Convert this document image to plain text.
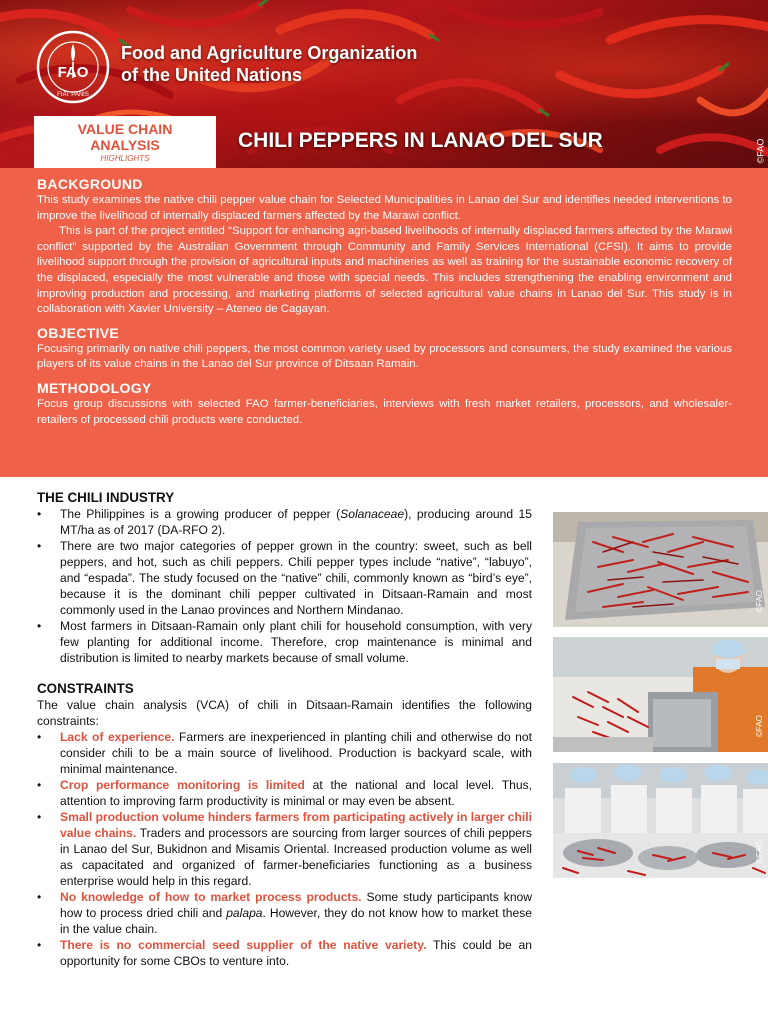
FAO
FIAT PANIS
Food and Agriculture Organization
of the United Nations
VALUE CHAIN
ANALYSIS
HIGHLIGHTS
CHILI PEPPERS IN LANAO DEL SUR	©FAO
BACKGROUND

This study examines the native chili pepper value chain for Selected Municipalities in Lanao del Sur and identifies needed interventions to improve the livelihood of internally displaced farmers affected by the Marawi conflict.

This is part of the project entitled “Support for enhancing agri-based livelihoods of internally displaced farmers affected by the Marawi conflict” supported by the Australian Government through Community and Family Services International (CFSI). It aims to provide livelihood support through the provision of agricultural inputs and machineries as well as training for the sustainable economic recovery of the displaced, especially the most vulnerable and those with special needs. This includes strengthening the enabling environment and improving production and processing, and marketing platforms of selected agricultural value chains in Lanao del Sur. This study is in collaboration with Xavier University – Ateneo de Cagayan.

OBJECTIVE

Focusing primarily on native chili peppers, the most common variety used by processors and consumers, the study examined the various players of its value chains in the Lanao del Sur province of Ditsaan Ramain.

METHODOLOGY

Focus group discussions with selected FAO farmer-beneficiaries, interviews with fresh market retailers, processors, and wholesaler-retailers of processed chili products were conducted.

THE CHILI INDUSTRY
• The Philippines is a growing producer of pepper (Solanaceae), producing around 15 MT/ha as of 2017 (DA-RFO 2).
• There are two major categories of pepper grown in the country: sweet, such as bell peppers, and hot, such as chili peppers. Chili pepper types include “native”, “labuyo”, and “espada”. The study focused on the “native” chili, commonly known as “bird’s eye”, because it is the dominant chili pepper cultivated in Ditsaan-Ramain and most commonly used in the Lanao provinces and Northern Mindanao.
• Most farmers in Ditsaan-Ramain only plant chili for household consumption, with very few planting for additional income. Therefore, crop maintenance is minimal and distribution is limited to nearby markets because of small volume.
CONSTRAINTS

The value chain analysis (VCA) of chili in Ditsaan-Ramain identifies the following constraints:

• Lack of experience. Farmers are inexperienced in planting chili and otherwise do not consider chili to be a main source of livelihood. Production is backyard scale, with minimal maintenance.
• Crop performance monitoring is limited at the national and local level. Thus, attention to improving farm productivity is minimal or may even be absent.
• Small production volume hinders farmers from participating actively in larger chili value chains. Traders and processors are sourcing from larger sources of chili peppers in Lanao del Sur, Bukidnon and Misamis Oriental. Increased production volume as well as capacitated and organized of farmer-beneficiaries functioning as a business enterprise would help in this regard.
• No knowledge of how to market process products. Some study participants know how to process dried chili and palapa. However, they do not know how to market these in the value chain.
• There is no commercial seed supplier of the native variety. This could be an opportunity for some CBOs to venture into.
©FAO
©FAO
©FAO
